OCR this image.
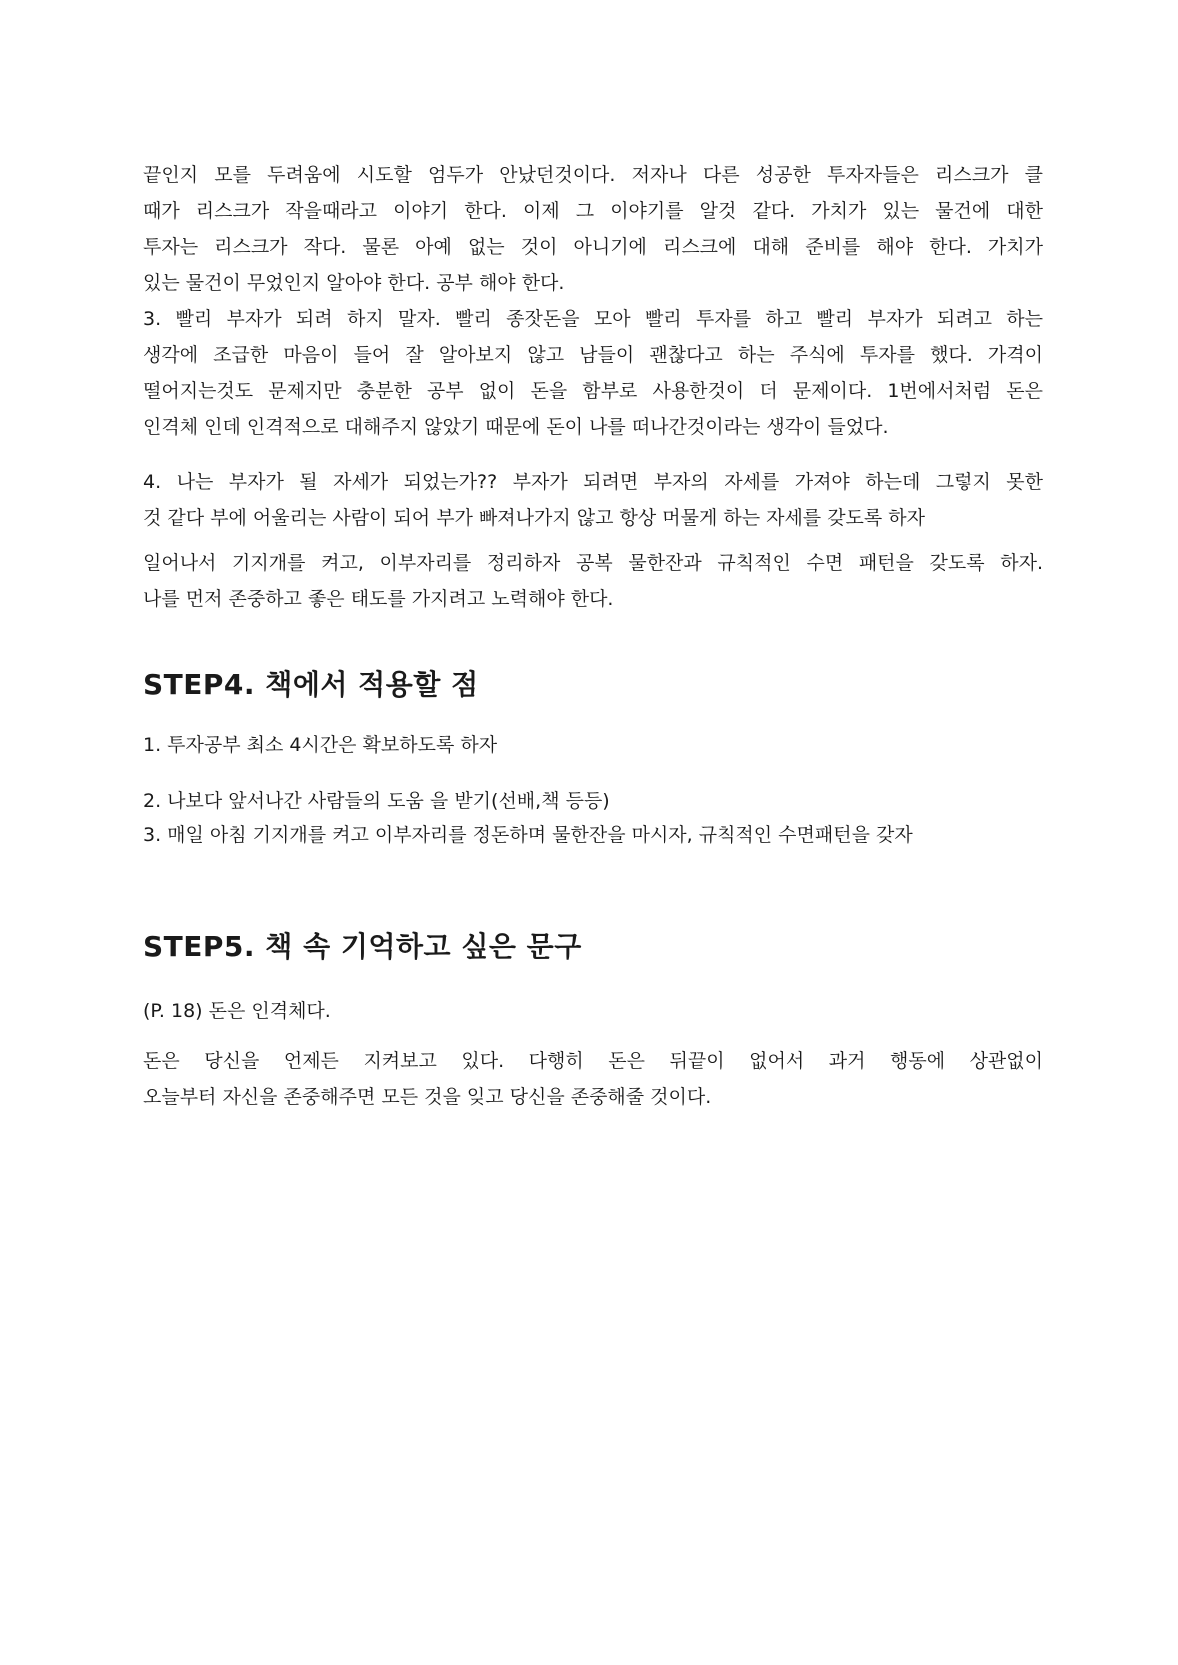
끝인지 모를 두려움에 시도할 엄두가 안났던것이다. 저자나 다른 성공한 투자자들은 리스크가 클
때가 리스크가 작을때라고 이야기 한다. 이제 그 이야기를 알것 같다. 가치가 있는 물건에 대한
투자는 리스크가 작다. 물론 아예 없는 것이 아니기에 리스크에 대해 준비를 해야 한다. 가치가
있는 물건이 무었인지 알아야 한다. 공부 해야 한다.
3. 빨리 부자가 되려 하지 말자. 빨리 종잣돈을 모아 빨리 투자를 하고 빨리 부자가 되려고 하는
생각에 조급한 마음이 들어 잘 알아보지 않고 남들이 괜찮다고 하는 주식에 투자를 했다. 가격이
떨어지는것도 문제지만 충분한 공부 없이 돈을 함부로 사용한것이 더 문제이다. 1번에서처럼 돈은
인격체 인데 인격적으로 대해주지 않았기 때문에 돈이 나를 떠나간것이라는 생각이 들었다.
4. 나는 부자가 될 자세가 되었는가?? 부자가 되려면 부자의 자세를 가져야 하는데 그렇지 못한
것 같다 부에 어울리는 사람이 되어 부가 빠져나가지 않고 항상 머물게 하는 자세를 갖도록 하자
일어나서 기지개를 켜고, 이부자리를 정리하자 공복 물한잔과 규칙적인 수면 패턴을 갖도록 하자.
나를 먼저 존중하고 좋은 태도를 가지려고 노력해야 한다.
STEP4. 책에서 적용할 점
1. 투자공부 최소 4시간은 확보하도록 하자
2. 나보다 앞서나간 사람들의 도움 을 받기(선배,책 등등)
3. 매일 아침 기지개를 켜고 이부자리를 정돈하며 물한잔을 마시자, 규칙적인 수면패턴을 갖자
STEP5. 책 속 기억하고 싶은 문구
(P. 18) 돈은 인격체다.
돈은 당신을 언제든 지켜보고 있다. 다행히 돈은 뒤끝이 없어서 과거 행동에 상관없이
오늘부터 자신을 존중해주면 모든 것을 잊고 당신을 존중해줄 것이다.
